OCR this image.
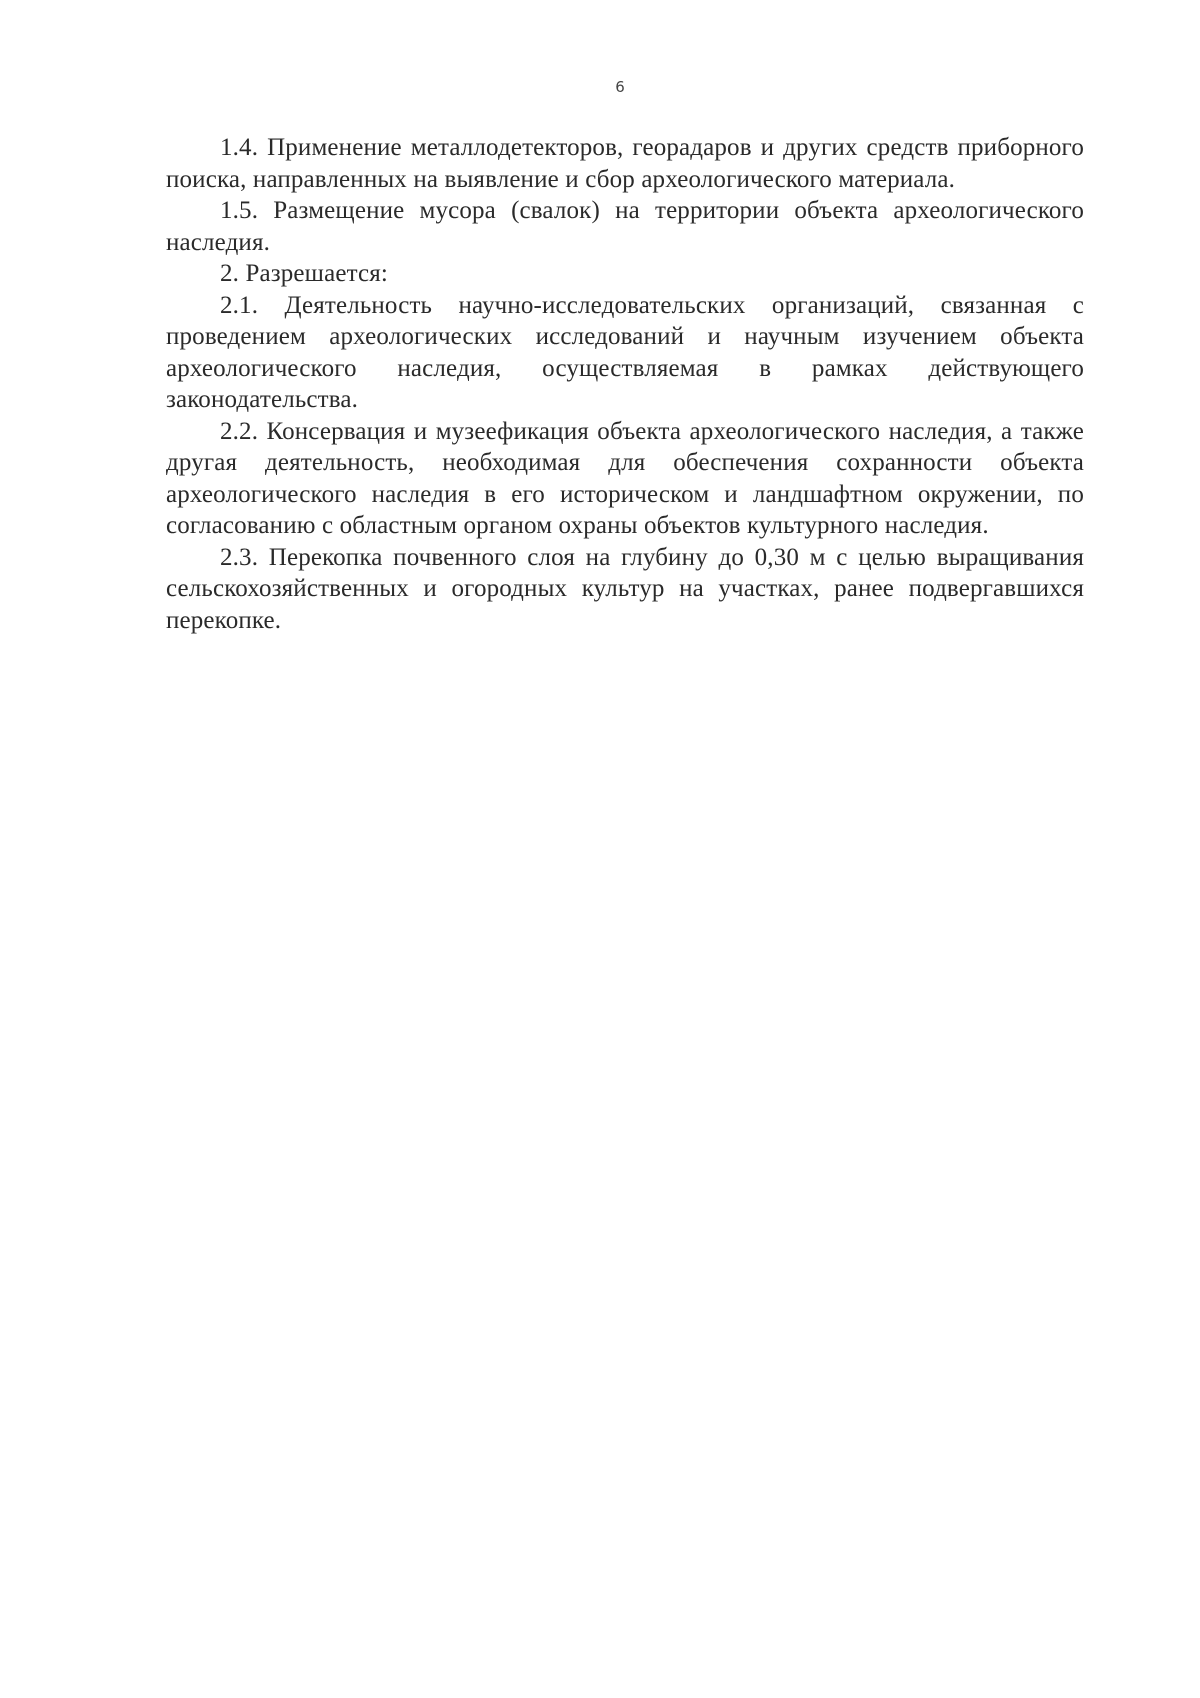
6

1.4. Применение металлодетекторов, георадаров и других средств приборного поиска, направленных на выявление и сбор археологического материала.

1.5. Размещение мусора (свалок) на территории объекта археологического наследия.

2. Разрешается:

2.1. Деятельность научно-исследовательских организаций, связанная с проведением археологических исследований и научным изучением объекта археологического наследия, осуществляемая в рамках действующего законодательства.

2.2. Консервация и музеефикация объекта археологического наследия, а также другая деятельность, необходимая для обеспечения сохранности объекта археологического наследия в его историческом и ландшафтном окружении, по согласованию с областным органом охраны объектов культурного наследия.

2.3. Перекопка почвенного слоя на глубину до 0,30 м с целью выращивания сельскохозяйственных и огородных культур на участках, ранее подвергавшихся перекопке.
